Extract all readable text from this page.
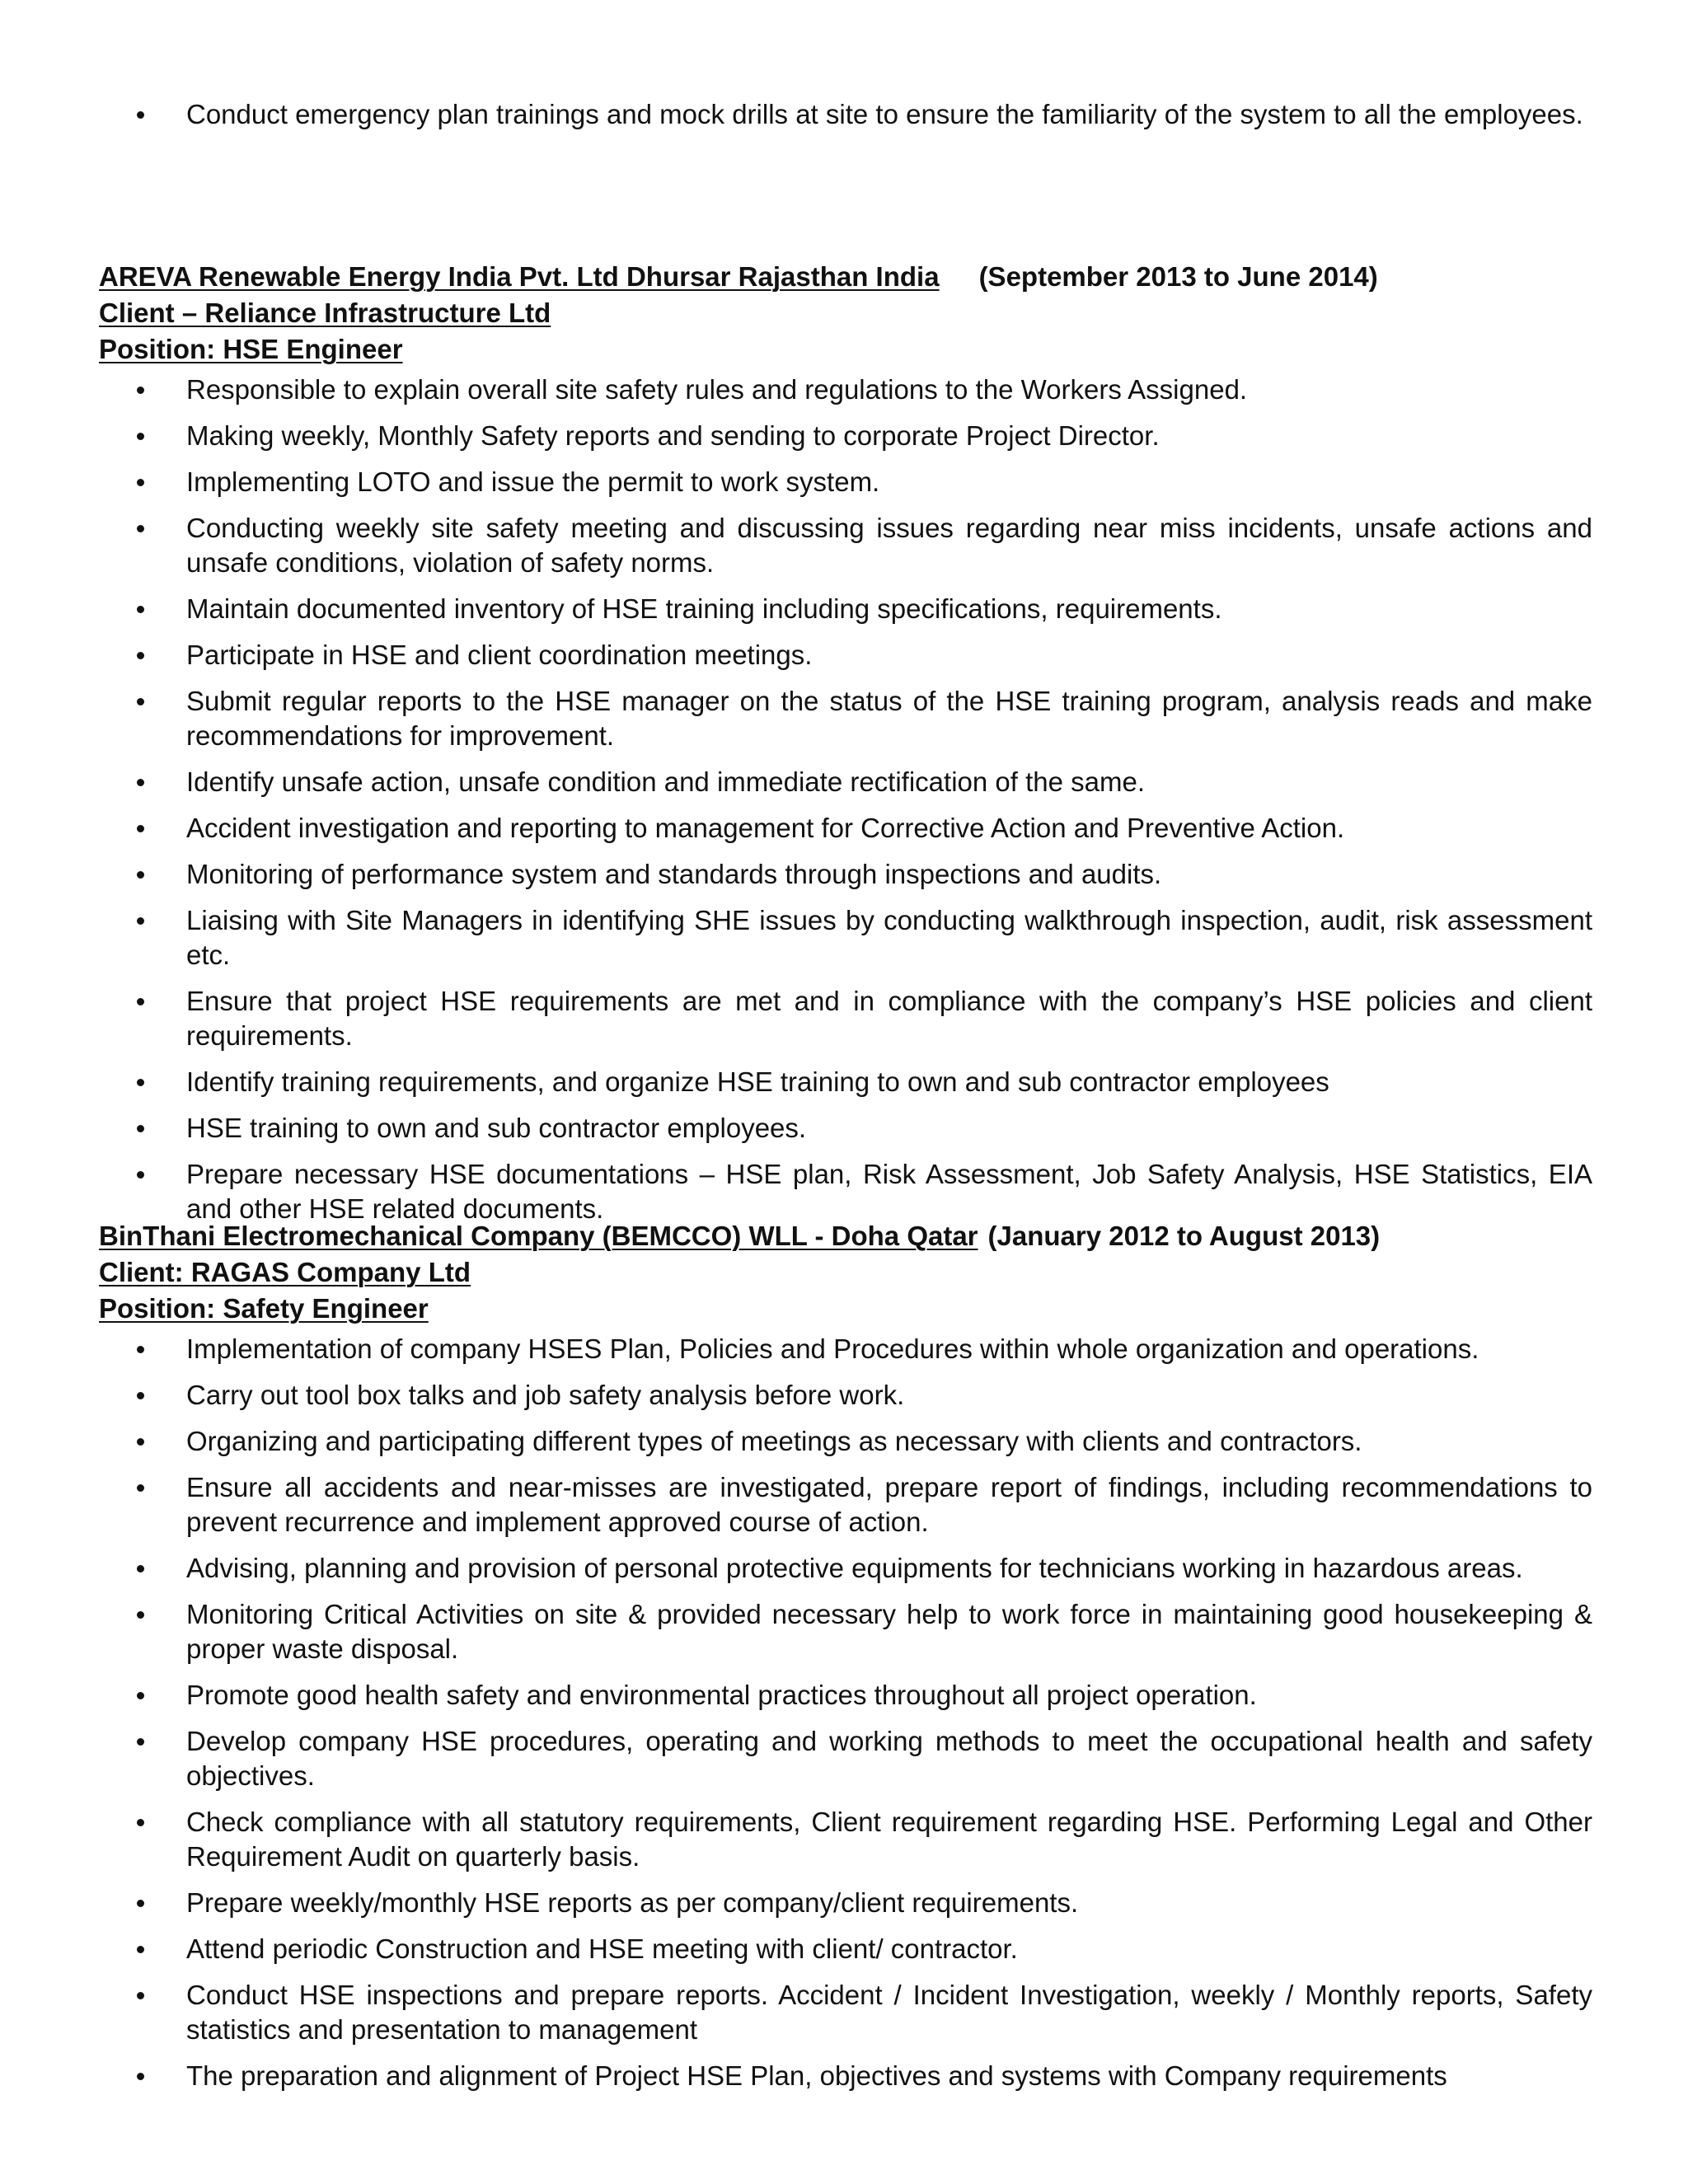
Conduct emergency plan trainings and mock drills at site to ensure the familiarity of the system to all the employees.
AREVA Renewable Energy India Pvt. Ltd Dhursar Rajasthan India (September 2013 to June 2014)
Client – Reliance Infrastructure Ltd
Position: HSE Engineer
Responsible to explain overall site safety rules and regulations to the Workers Assigned.
Making weekly, Monthly Safety reports and sending to corporate Project Director.
Implementing LOTO and issue the permit to work system.
Conducting weekly site safety meeting and discussing issues regarding near miss incidents, unsafe actions and unsafe conditions, violation of safety norms.
Maintain documented inventory of HSE training including specifications, requirements.
Participate in HSE and client coordination meetings.
Submit regular reports to the HSE manager on the status of the HSE training program, analysis reads and make recommendations for improvement.
Identify unsafe action, unsafe condition and immediate rectification of the same.
Accident investigation and reporting to management for Corrective Action and Preventive Action.
Monitoring of performance system and standards through inspections and audits.
Liaising with Site Managers in identifying SHE issues by conducting walkthrough inspection, audit, risk assessment etc.
Ensure that project HSE requirements are met and in compliance with the company’s HSE policies and client requirements.
Identify training requirements, and organize HSE training to own and sub contractor employees
HSE training to own and sub contractor employees.
Prepare necessary HSE documentations – HSE plan, Risk Assessment, Job Safety Analysis, HSE Statistics, EIA and other HSE related documents.
BinThani Electromechanical Company (BEMCCO) WLL - Doha Qatar (January 2012 to August 2013)
Client: RAGAS Company Ltd
Position: Safety Engineer
Implementation of company HSES Plan, Policies and Procedures within whole organization and operations.
Carry out tool box talks and job safety analysis before work.
Organizing and participating different types of meetings as necessary with clients and contractors.
Ensure all accidents and near-misses are investigated, prepare report of findings, including recommendations to prevent recurrence and implement approved course of action.
Advising, planning and provision of personal protective equipments for technicians working in hazardous areas.
Monitoring Critical Activities on site & provided necessary help to work force in maintaining good housekeeping & proper waste disposal.
Promote good health safety and environmental practices throughout all project operation.
Develop company HSE procedures, operating and working methods to meet the occupational health and safety objectives.
Check compliance with all statutory requirements, Client requirement regarding HSE. Performing Legal and Other Requirement Audit on quarterly basis.
Prepare weekly/monthly HSE reports as per company/client requirements.
Attend periodic Construction and HSE meeting with client/ contractor.
Conduct HSE inspections and prepare reports. Accident / Incident Investigation, weekly / Monthly reports, Safety statistics and presentation to management
The preparation and alignment of Project HSE Plan, objectives and systems with Company requirements
